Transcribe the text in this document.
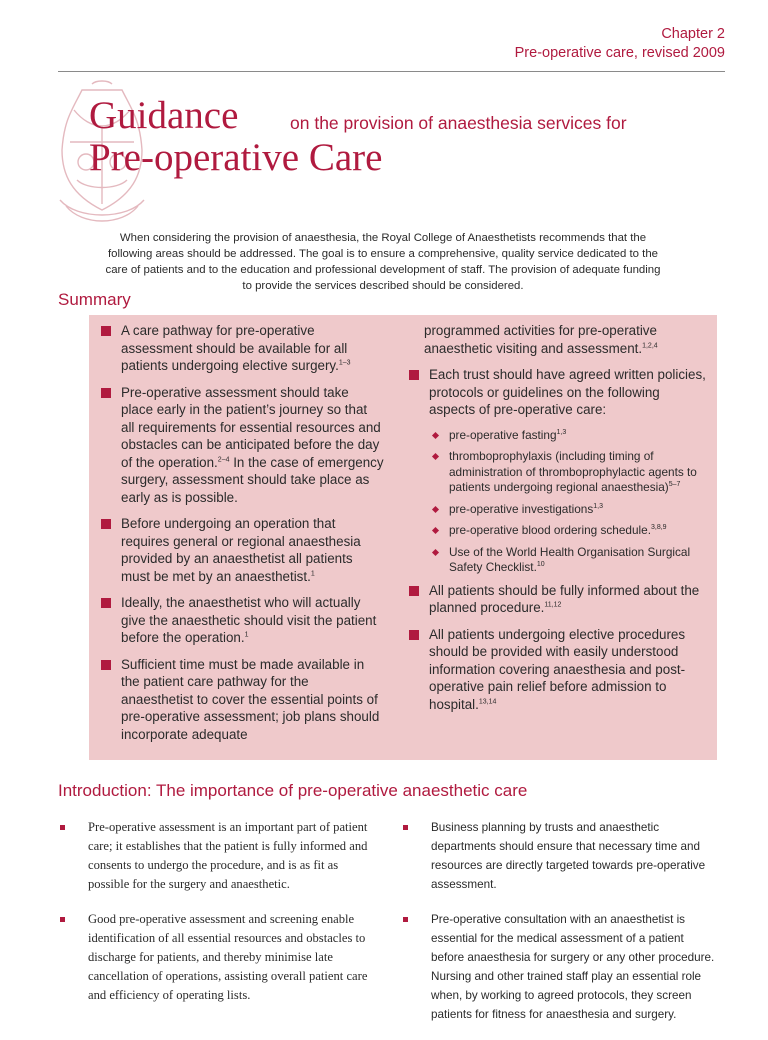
Chapter 2
Pre-operative care, revised 2009
Guidance	on the provision of anaesthesia services for
Pre-operative Care
When considering the provision of anaesthesia, the Royal College of Anaesthetists recommends that the following areas should be addressed. The goal is to ensure a comprehensive, quality service dedicated to the care of patients and to the education and professional development of staff. The provision of adequate funding to provide the services described should be considered.
Summary
A care pathway for pre-operative assessment should be available for all patients undergoing elective surgery.$^{1-3}$
Pre-operative assessment should take place early in the patient’s journey so that all requirements for essential resources and obstacles can be anticipated before the day of the operation.$^{2-4}$ In the case of emergency surgery, assessment should take place as early as is possible.
Before undergoing an operation that requires general or regional anaesthesia provided by an anaesthetist all patients must be met by an anaesthetist.$^1$
Ideally, the anaesthetist who will actually give the anaesthetic should visit the patient before the operation.$^1$
Sufficient time must be made available in the patient care pathway for the anaesthetist to cover the essential points of pre-operative assessment; job plans should incorporate adequate
programmed activities for pre-operative anaesthetic visiting and assessment.$^{1,2,4}$
Each trust should have agreed written policies, protocols or guidelines on the following aspects of pre-operative care:
pre-operative fasting$^{1,3}$
thromboprophylaxis (including timing of administration of thromboprophylactic agents to patients undergoing regional anaesthesia)$^{5-7}$
pre-operative investigations$^{1,3}$
pre-operative blood ordering schedule.$^{3,8,9}$
Use of the World Health Organisation Surgical Safety Checklist.$^{10}$
All patients should be fully informed about the planned procedure.$^{11,12}$
All patients undergoing elective procedures should be provided with easily understood information covering anaesthesia and post-operative pain relief before admission to hospital.$^{13,14}$
Introduction: The importance of pre-operative anaesthetic care
Pre-operative assessment is an important part of patient care; it establishes that the patient is fully informed and consents to undergo the procedure, and is as fit as possible for the surgery and anaesthetic.
Good pre-operative assessment and screening enable identification of all essential resources and obstacles to discharge for patients, and thereby minimise late cancellation of operations, assisting overall patient care and efficiency of operating lists.
Business planning by trusts and anaesthetic departments should ensure that necessary time and resources are directly targeted towards pre-operative assessment.
Pre-operative consultation with an anaesthetist is essential for the medical assessment of a patient before anaesthesia for surgery or any other procedure. Nursing and other trained staff play an essential role when, by working to agreed protocols, they screen patients for fitness for anaesthesia and surgery.
